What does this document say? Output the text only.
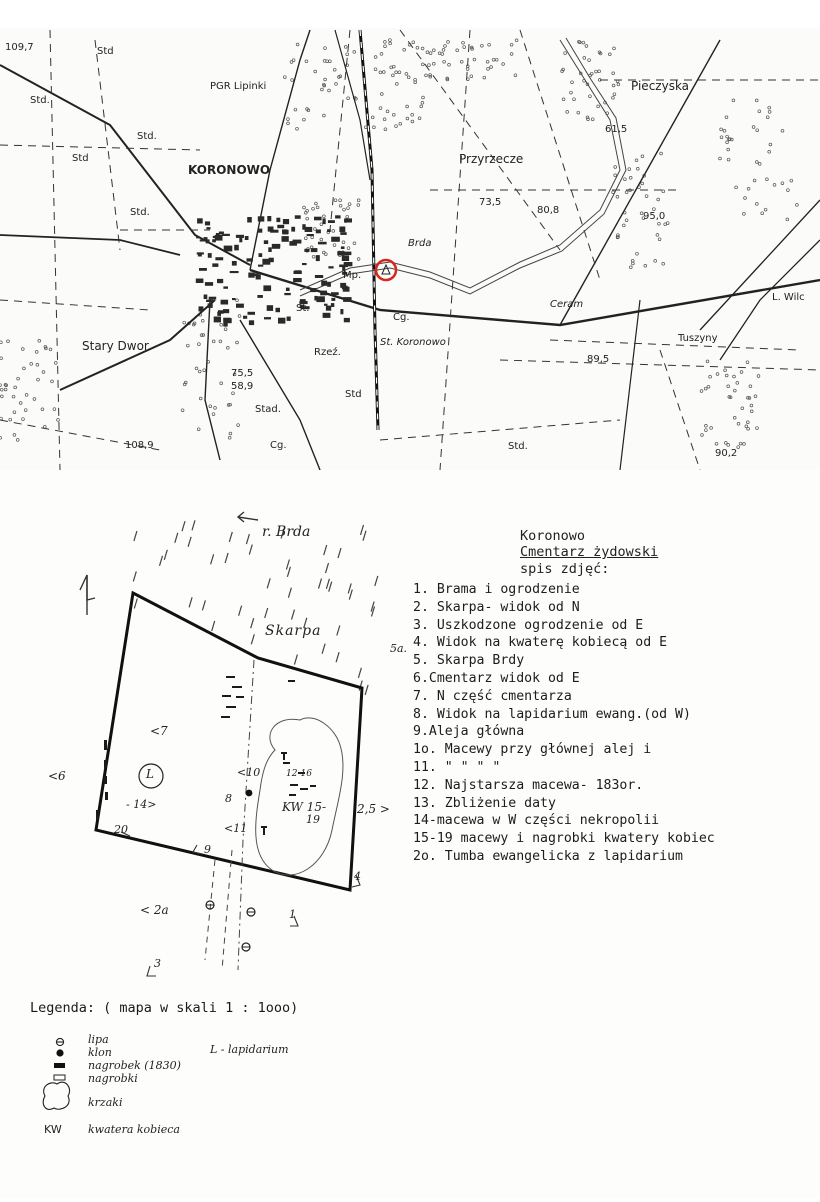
109,7	Std
Std.
Std.
Std
Std.
PGR Lipinki
KORONOWO
Przyrzecze
Pieczyska
Stary Dwor
Brda
Ceram
Tuszyny
St. Koronowo
Cg.
Rzeź.
Stad.
Mp.
St.
Std
Std.
L. Wilc
Cg.
61,5
73,5
80,8
95,0
89,5
75,5
58,9
108,9
90,2
r. Brda
Skarpa
5a.
<7
<6	L
- 14>
20
<10
8
12-16
KW 15-
19
2,5 >
<11
9
4
< 2a	1
3
Koronowo
Cmentarz żydowski
spis zdjęć:
1. Brama i ogrodzenie
2. Skarpa- widok od N
3. Uszkodzone ogrodzenie od E
4. Widok na kwaterę kobiecą od E
5. Skarpa Brdy
6.Cmentarz widok od E
7. N część cmentarza
8. Widok na lapidarium ewang.(od W)
9.Aleja główna
1o. Macewy przy głównej alej i
11. " " " "
12. Najstarsza macewa- 183or.
13. Zbliżenie daty
14-macewa w W części nekropolii
15-19 macewy i nagrobki kwatery kobiec
2o. Tumba ewangelicka z lapidarium
Legenda: ( mapa w skali 1 : 1ooo)
lipa
klon
nagrobek (1830)
nagrobki
krzaki
KW kwatera kobieca
L - lapidarium
